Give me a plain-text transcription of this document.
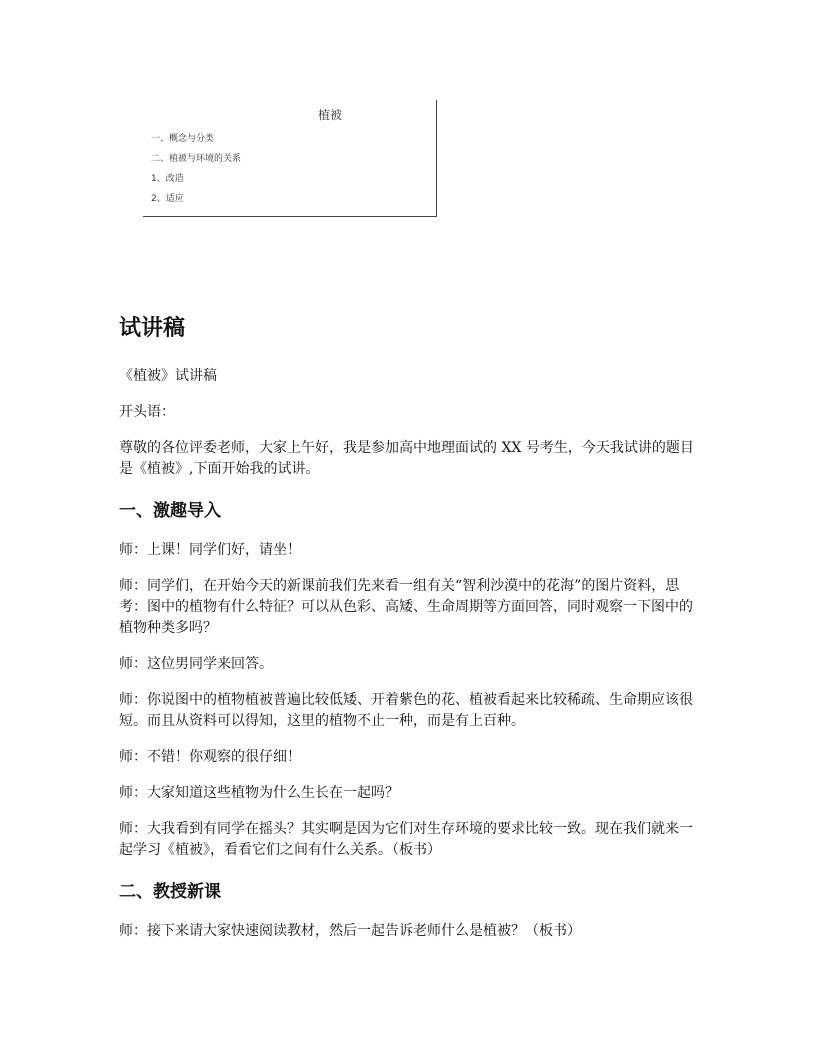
植被
一、概念与分类
二、植被与环境的关系
1、改造
2、适应
试讲稿

《植被》试讲稿

开头语：

尊敬的各位评委老师，大家上午好，我是参加高中地理面试的 XX 号考生，今天我试讲的题目是《植被》,下面开始我的试讲。

一、激趣导入

师：上课！同学们好，请坐！

师：同学们，在开始今天的新课前我们先来看一组有关“智利沙漠中的花海”的图片资料，思考：图中的植物有什么特征？可以从色彩、高矮、生命周期等方面回答，同时观察一下图中的植物种类多吗？

师：这位男同学来回答。

师：你说图中的植物植被普遍比较低矮、开着紫色的花、植被看起来比较稀疏、生命期应该很短。而且从资料可以得知，这里的植物不止一种，而是有上百种。

师：不错！你观察的很仔细！

师：大家知道这些植物为什么生长在一起吗？

师：大我看到有同学在摇头？其实啊是因为它们对生存环境的要求比较一致。现在我们就来一起学习《植被》，看看它们之间有什么关系。（板书）

二、教授新课

师：接下来请大家快速阅读教材，然后一起告诉老师什么是植被？（板书）
